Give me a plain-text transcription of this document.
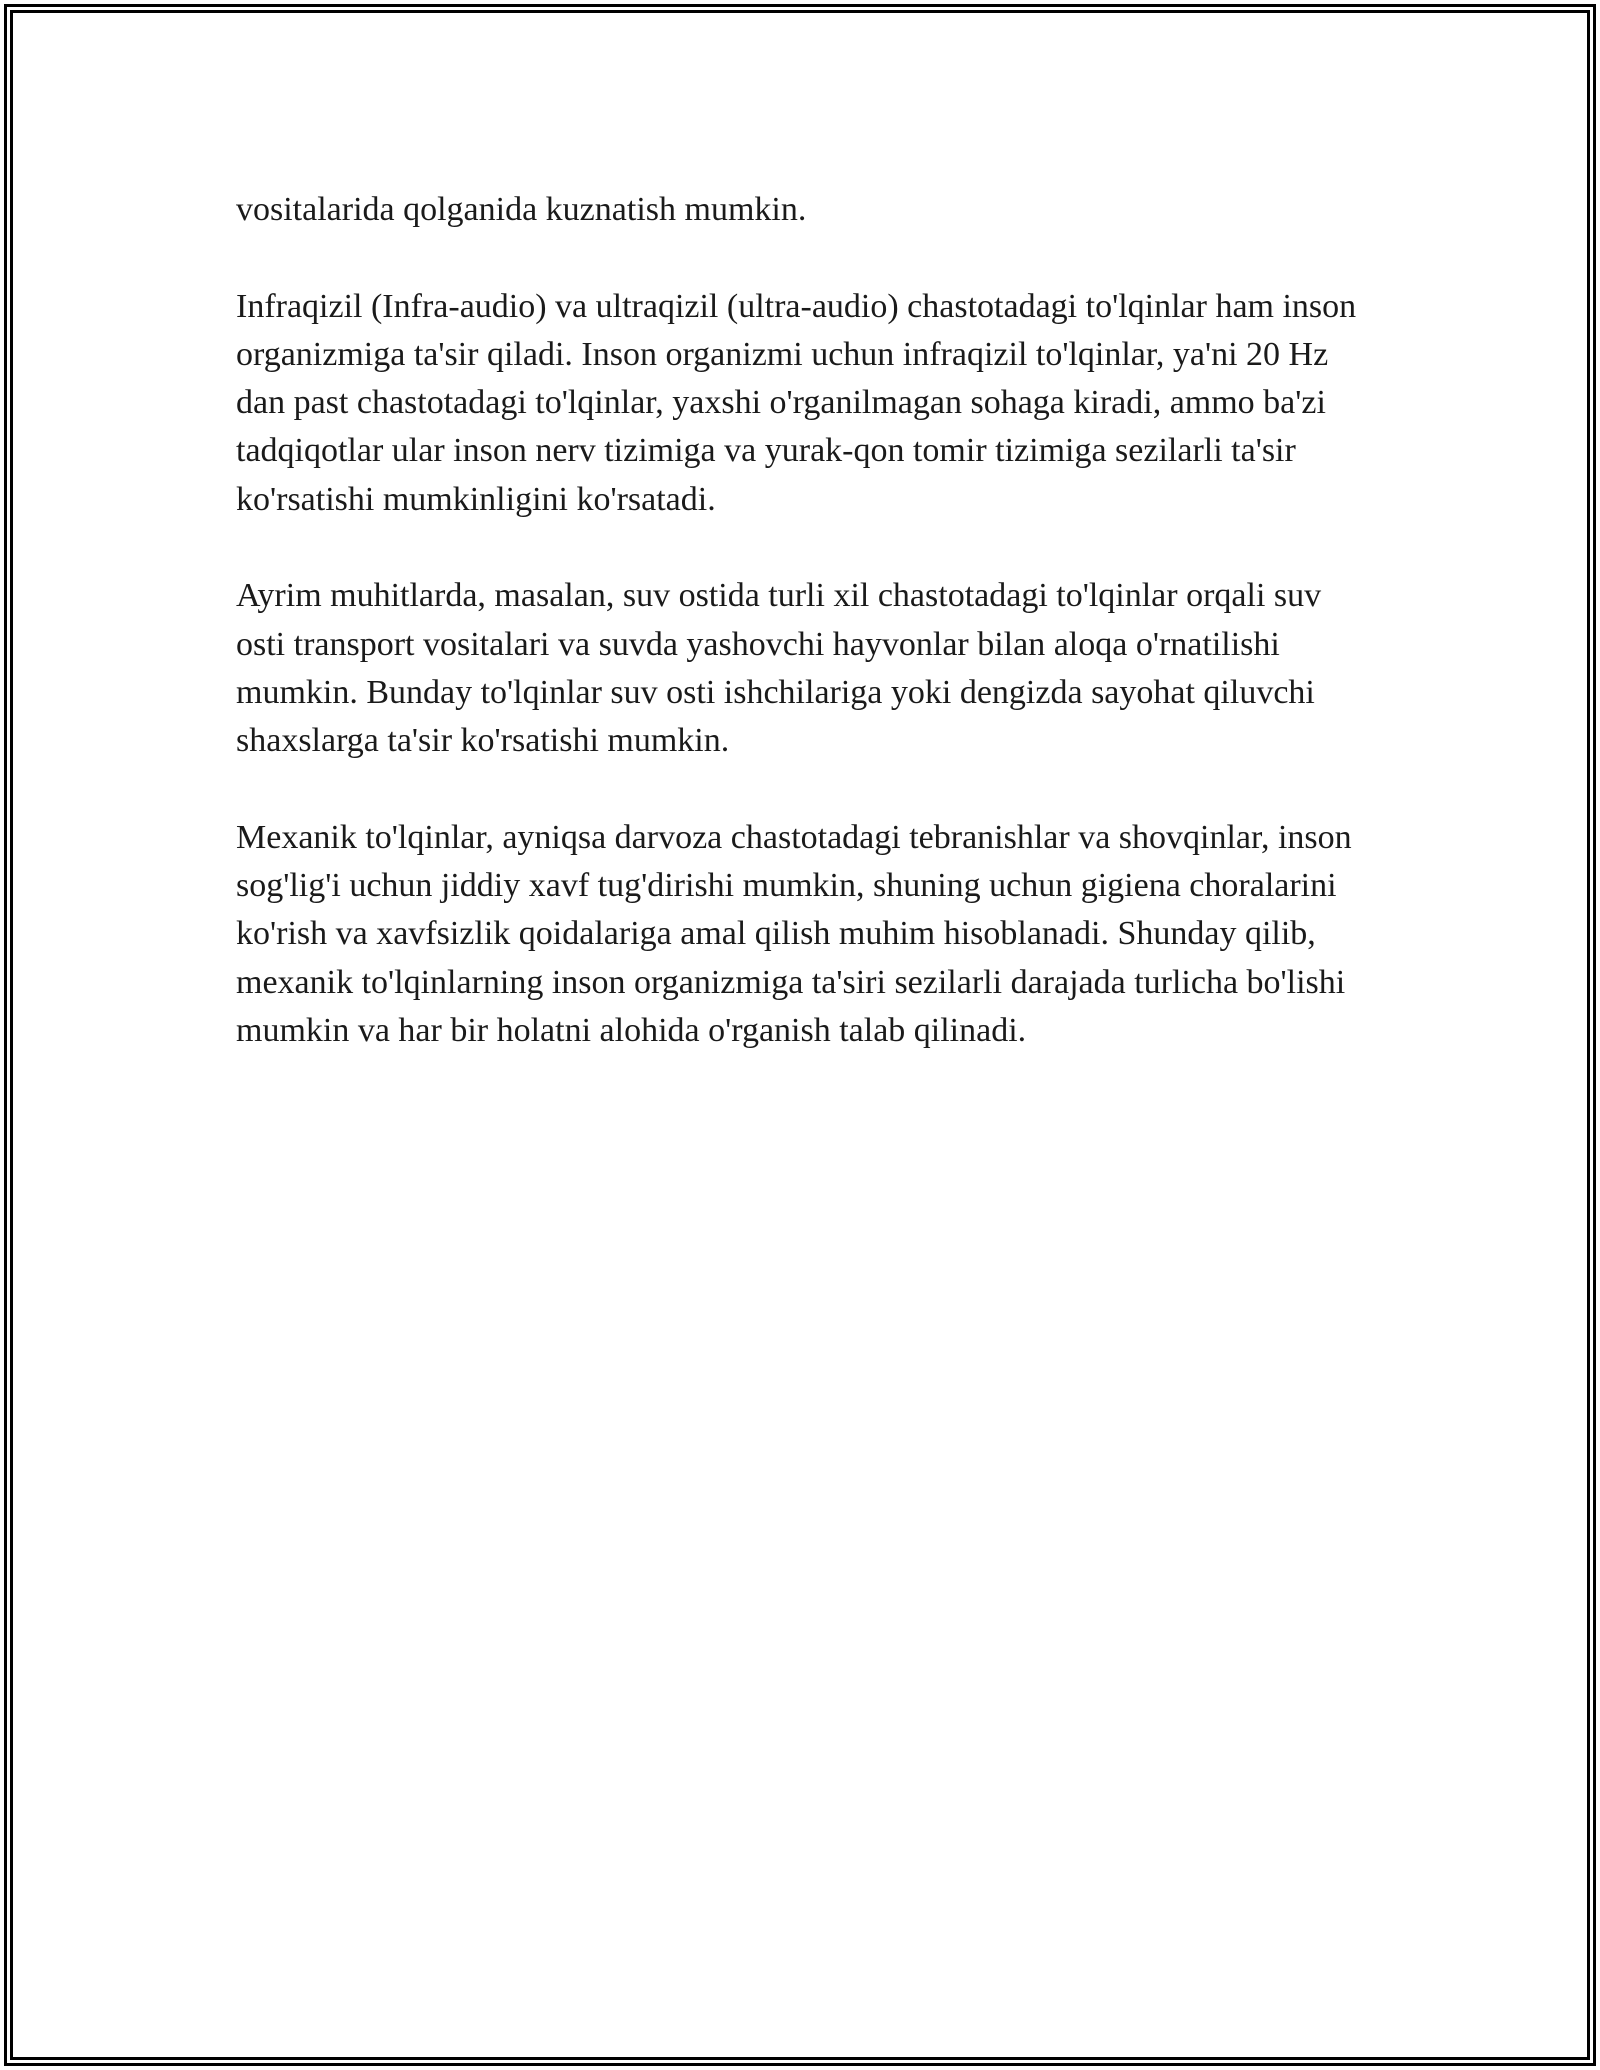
vositalarida qolganida kuznatish mumkin.

Infraqizil (Infra-audio) va ultraqizil (ultra-audio) chastotadagi to'lqinlar ham inson organizmiga ta'sir qiladi. Inson organizmi uchun infraqizil to'lqinlar, ya'ni 20 Hz dan past chastotadagi to'lqinlar, yaxshi o'rganilmagan sohaga kiradi, ammo ba'zi tadqiqotlar ular inson nerv tizimiga va yurak-qon tomir tizimiga sezilarli ta'sir ko'rsatishi mumkinligini ko'rsatadi.

Ayrim muhitlarda, masalan, suv ostida turli xil chastotadagi to'lqinlar orqali suv osti transport vositalari va suvda yashovchi hayvonlar bilan aloqa o'rnatilishi mumkin. Bunday to'lqinlar suv osti ishchilariga yoki dengizda sayohat qiluvchi shaxslarga ta'sir ko'rsatishi mumkin.

Mexanik to'lqinlar, ayniqsa darvoza chastotadagi tebranishlar va shovqinlar, inson sog'lig'i uchun jiddiy xavf tug'dirishi mumkin, shuning uchun gigiena choralarini ko'rish va xavfsizlik qoidalariga amal qilish muhim hisoblanadi. Shunday qilib, mexanik to'lqinlarning inson organizmiga ta'siri sezilarli darajada turlicha bo'lishi mumkin va har bir holatni alohida o'rganish talab qilinadi.
